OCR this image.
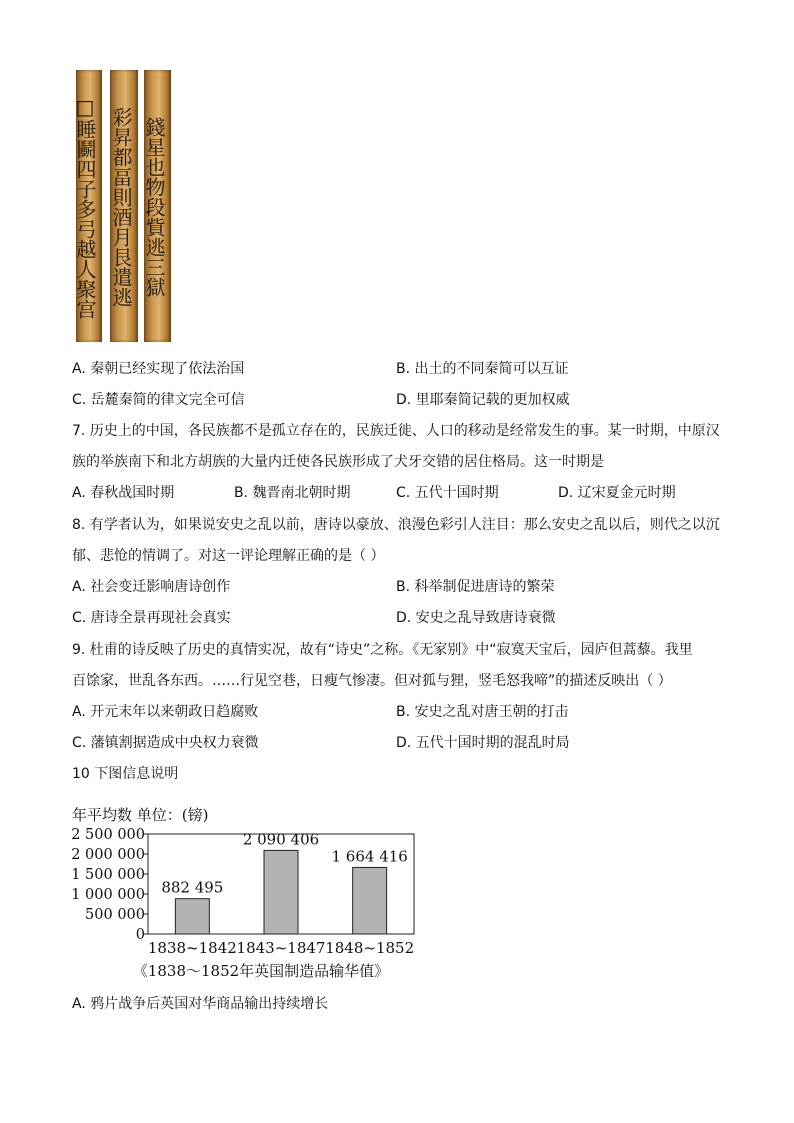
□睡鬬四子多弓越人聚宫 彩昇都畐則酒月艮遣逃 錢星也物段貲逃三獄
A. 秦朝已经实现了依法治国	B. 出土的不同秦简可以互证
C. 岳麓秦简的律文完全可信	D. 里耶秦简记载的更加权威
7. 历史上的中国，各民族都不是孤立存在的，民族迁徙、人口的移动是经常发生的事。某一时期，中原汉
族的举族南下和北方胡族的大量内迁使各民族形成了犬牙交错的居住格局。这一时期是
A. 春秋战国时期	B. 魏晋南北朝时期	C. 五代十国时期	D. 辽宋夏金元时期
8. 有学者认为，如果说安史之乱以前，唐诗以豪放、浪漫色彩引人注目：那么安史之乱以后，则代之以沉
郁、悲怆的情调了。对这一评论理解正确的是（ ）
A. 社会变迁影响唐诗创作	B. 科举制促进唐诗的繁荣
C. 唐诗全景再现社会真实	D. 安史之乱导致唐诗衰微
9. 杜甫的诗反映了历史的真情实况，故有“诗史”之称。《无家别》中“寂寞天宝后，园庐但蒿藜。我里
百馀家，世乱各东西。……行见空巷，日瘦气惨凄。但对狐与狸，竖毛怒我啼”的描述反映出（ ）
A. 开元末年以来朝政日趋腐败	B. 安史之乱对唐王朝的打击
C. 藩镇割据造成中央权力衰微	D. 五代十国时期的混乱时局
10 下图信息说明
年平均数 单位：(镑)
0
500 000
1 000 000
1 500 000
2 000 000
2 500 000
882 495
1838~1842
2 090 406
1843~1847
1 664 416
1848~1852
《1838～1852年英国制造品输华值》
A. 鸦片战争后英国对华商品输出持续增长
